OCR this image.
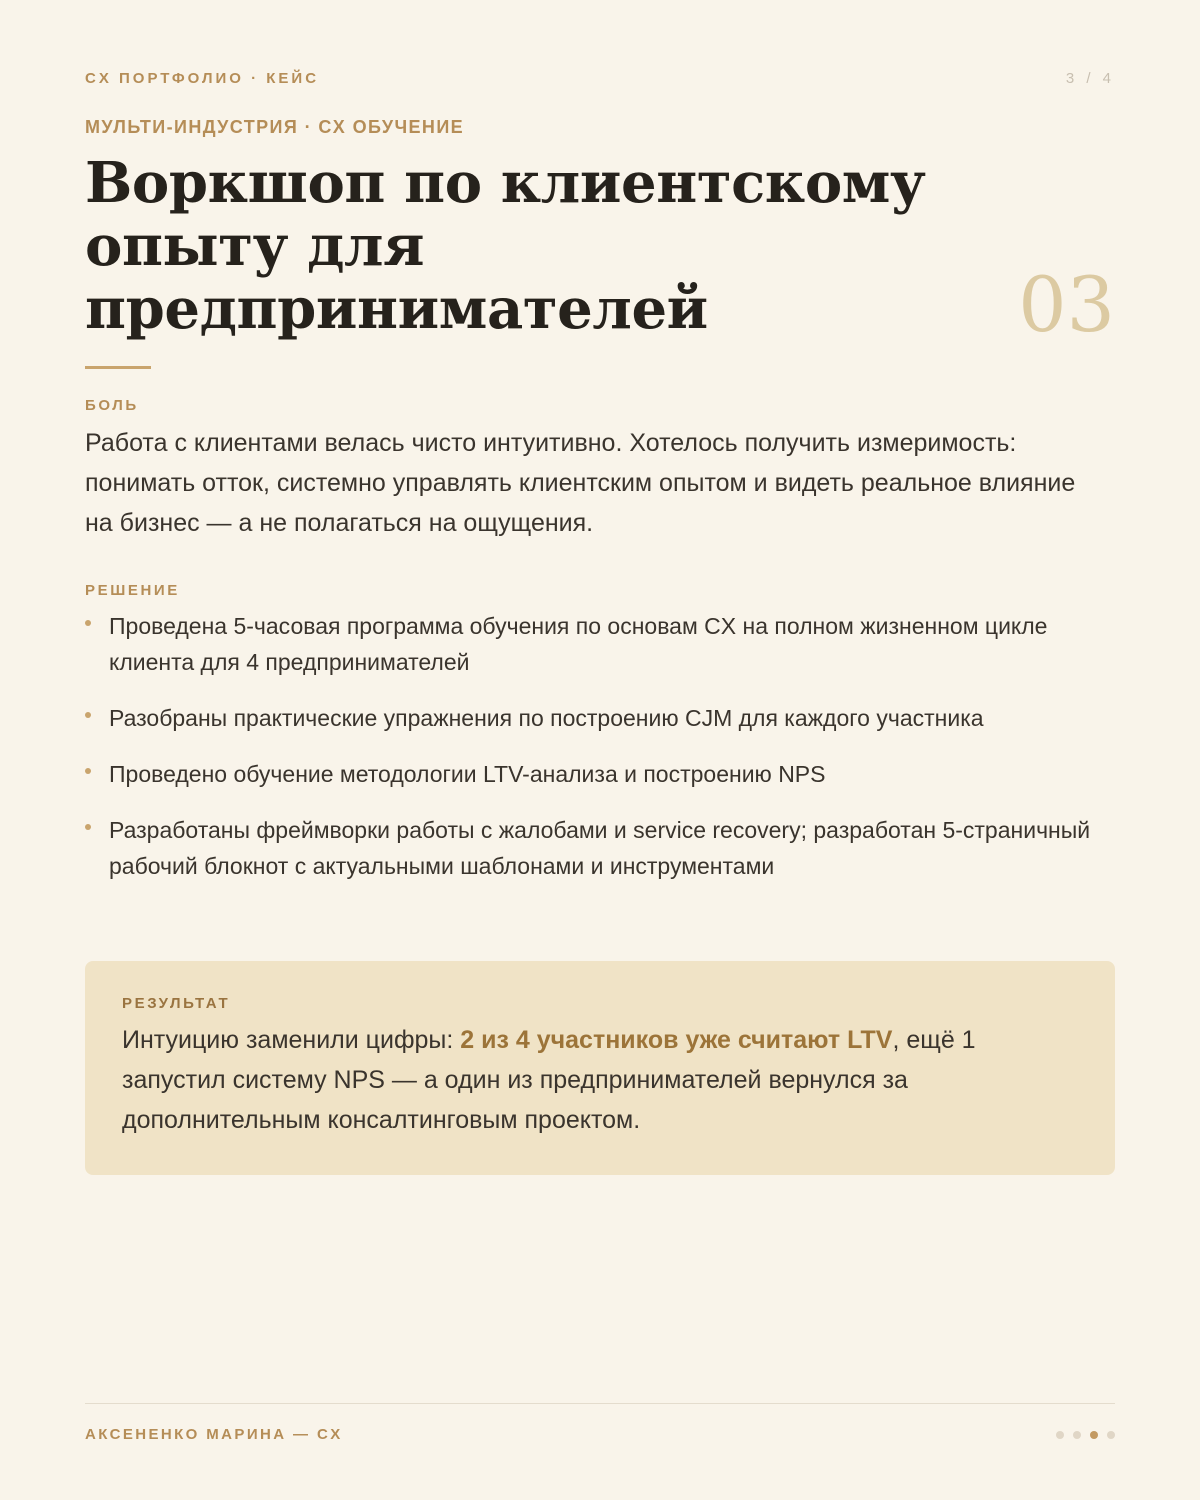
CX ПОРТФОЛИО · КЕЙС	3 / 4
МУЛЬТИ-ИНДУСТРИЯ · CX ОБУЧЕНИЕ
Воркшоп по клиентскому
опыту для
предпринимателей	03
БОЛЬ

Работа с клиентами велась чисто интуитивно. Хотелось получить измеримость: понимать отток, системно управлять клиентским опытом и видеть реальное влияние на бизнес — а не полагаться на ощущения.

РЕШЕНИЕ
Проведена 5-часовая программа обучения по основам CX на полном жизненном цикле клиента для 4 предпринимателей
Разобраны практические упражнения по построению CJM для каждого участника
Проведено обучение методологии LTV-анализа и построению NPS
Разработаны фреймворки работы с жалобами и service recovery; разработан 5-страничный рабочий блокнот с актуальными шаблонами и инструментами
РЕЗУЛЬТАТ

Интуицию заменили цифры: 2 из 4 участников уже считают LTV, ещё 1 запустил систему NPS — а один из предпринимателей вернулся за дополнительным консалтинговым проектом.

АКСЕНЕНКО МАРИНА — CX
